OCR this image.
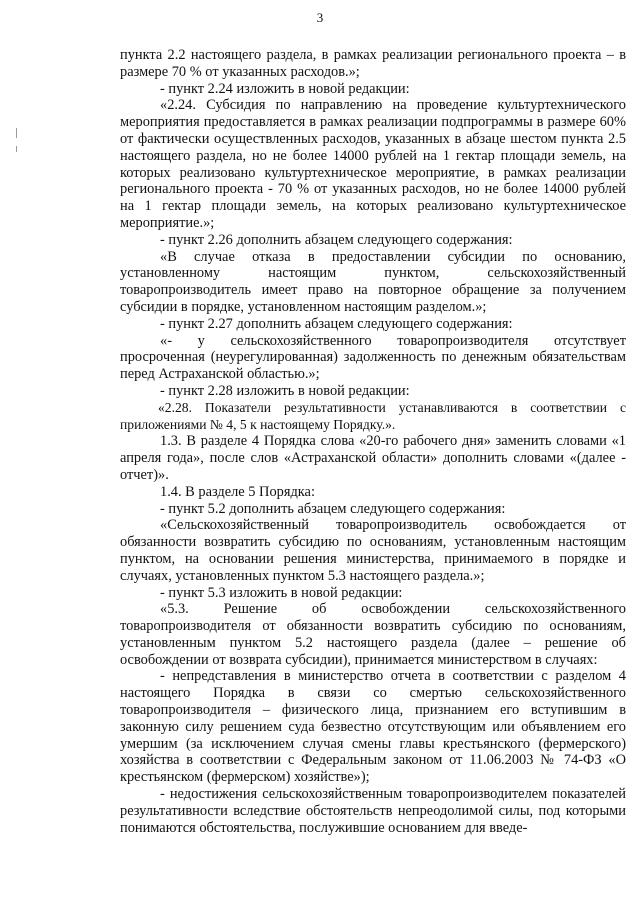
3

пункта 2.2 настоящего раздела, в рамках реализации регионального проекта – в размере 70 % от указанных расходов.»;

- пункт 2.24 изложить в новой редакции:

«2.24. Субсидия по направлению на проведение культуртехнического мероприятия предоставляется в рамках реализации подпрограммы в размере 60% от фактически осуществленных расходов, указанных в абзаце шестом пункта 2.5 настоящего раздела, но не более 14000 рублей на 1 гектар площади земель, на которых реализовано культуртехническое мероприятие, в рамках реализации регионального проекта - 70 % от указанных расходов, но не более 14000 рублей на 1 гектар площади земель, на которых реализовано культуртехническое мероприятие.»;

- пункт 2.26 дополнить абзацем следующего содержания:

«В случае отказа в предоставлении субсидии по основанию, установленному настоящим пунктом, сельскохозяйственный товаропроизводитель имеет право на повторное обращение за получением субсидии в порядке, установленном настоящим разделом.»;

- пункт 2.27 дополнить абзацем следующего содержания:

«- у сельскохозяйственного товаропроизводителя отсутствует просроченная (неурегулированная) задолженность по денежным обязательствам перед Астраханской областью.»;

- пункт 2.28 изложить в новой редакции:

«2.28. Показатели результативности устанавливаются в соответствии с приложениями № 4, 5 к настоящему Порядку.».

1.3. В разделе 4 Порядка слова «20-го рабочего дня» заменить словами «1 апреля года», после слов «Астраханской области» дополнить словами «(далее - отчет)».

1.4. В разделе 5 Порядка:

- пункт 5.2 дополнить абзацем следующего содержания:

«Сельскохозяйственный товаропроизводитель освобождается от обязанности возвратить субсидию по основаниям, установленным настоящим пунктом, на основании решения министерства, принимаемого в порядке и случаях, установленных пунктом 5.3 настоящего раздела.»;

- пункт 5.3 изложить в новой редакции:

«5.3. Решение об освобождении сельскохозяйственного товаропроизводителя от обязанности возвратить субсидию по основаниям, установленным пунктом 5.2 настоящего раздела (далее – решение об освобождении от возврата субсидии), принимается министерством в случаях:

- непредставления в министерство отчета в соответствии с разделом 4 настоящего Порядка в связи со смертью сельскохозяйственного товаропроизводителя – физического лица, признанием его вступившим в законную силу решением суда безвестно отсутствующим или объявлением его умершим (за исключением случая смены главы крестьянского (фермерского) хозяйства в соответствии с Федеральным законом от 11.06.2003 № 74-ФЗ «О крестьянском (фермерском) хозяйстве»);

- недостижения сельскохозяйственным товаропроизводителем показателей результативности вследствие обстоятельств непреодолимой силы, под которыми понимаются обстоятельства, послужившие основанием для введе-
